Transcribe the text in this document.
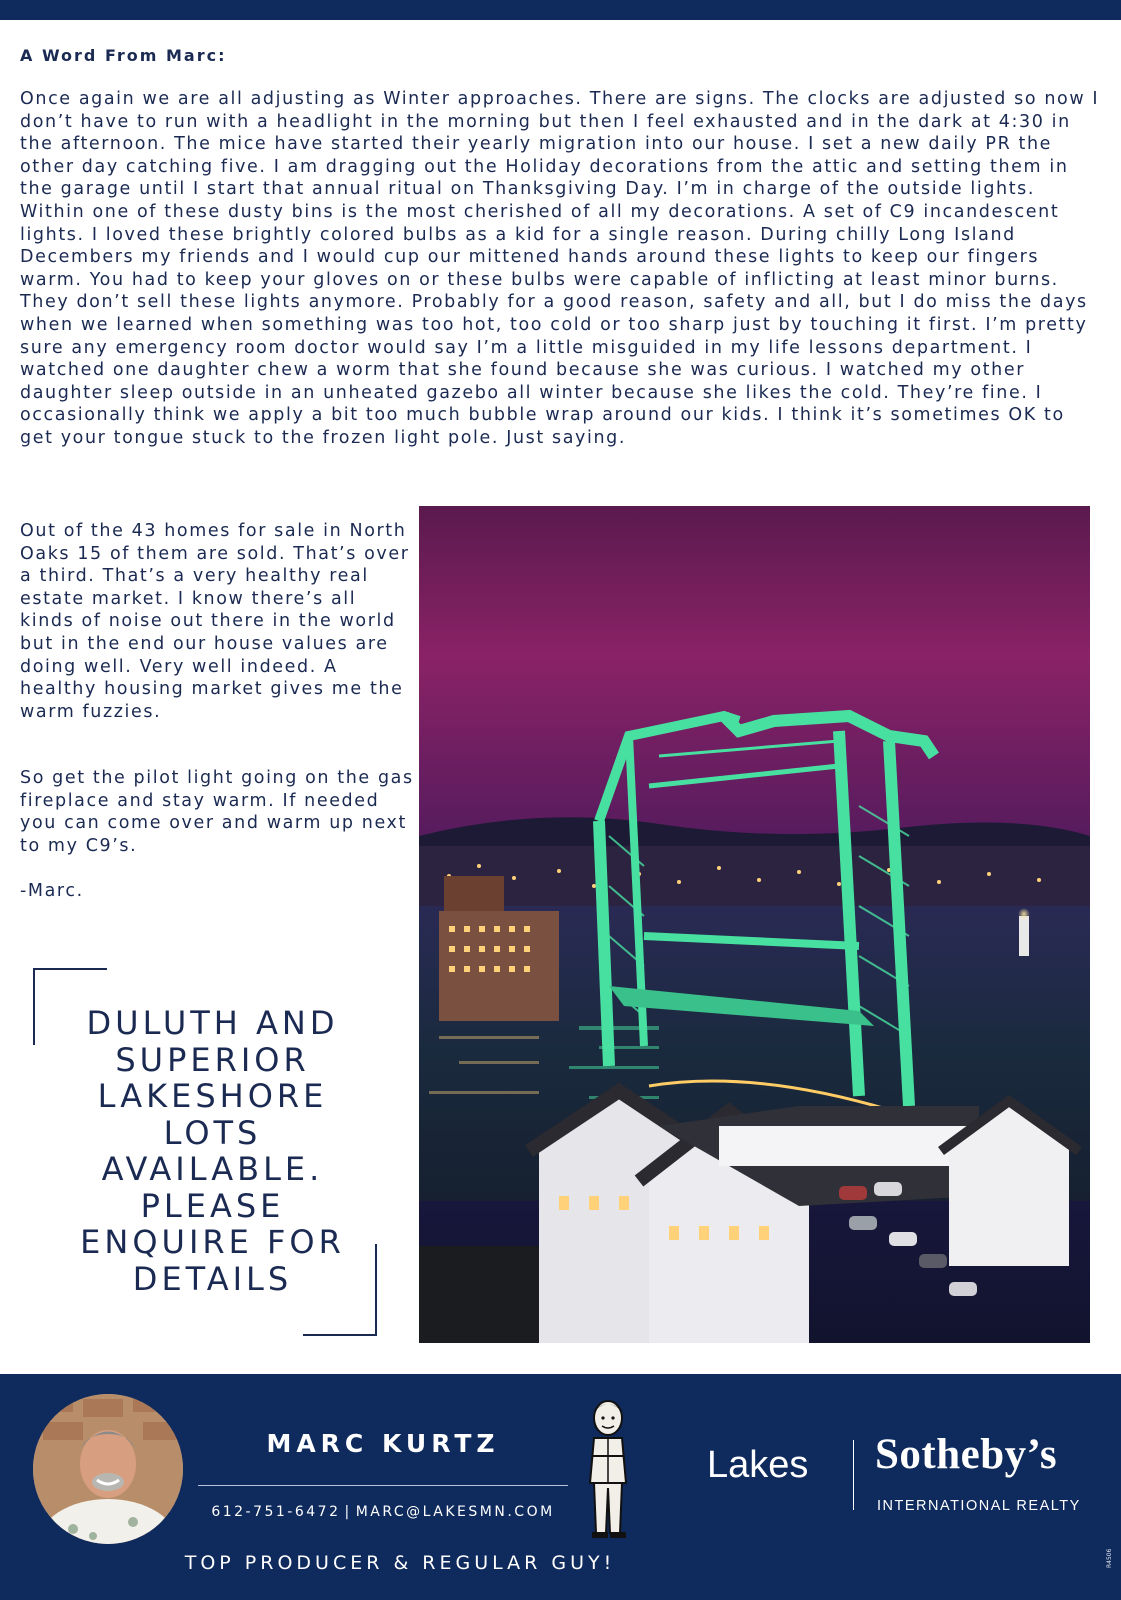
A Word From Marc:

Once again we are all adjusting as Winter approaches. There are signs. The clocks are adjusted so now I don’t have to run with a headlight in the morning but then I feel exhausted and in the dark at 4:30 in the afternoon. The mice have started their yearly migration into our house. I set a new daily PR the other day catching five. I am dragging out the Holiday decorations from the attic and setting them in the garage until I start that annual ritual on Thanksgiving Day. I’m in charge of the outside lights. Within one of these dusty bins is the most cherished of all my decorations. A set of C9 incandescent lights. I loved these brightly colored bulbs as a kid for a single reason. During chilly Long Island Decembers my friends and I would cup our mittened hands around these lights to keep our fingers warm. You had to keep your gloves on or these bulbs were capable of inflicting at least minor burns. They don’t sell these lights anymore. Probably for a good reason, safety and all, but I do miss the days when we learned when something was too hot, too cold or too sharp just by touching it first. I’m pretty sure any emergency room doctor would say I’m a little misguided in my life lessons department. I watched one daughter chew a worm that she found because she was curious. I watched my other daughter sleep outside in an unheated gazebo all winter because she likes the cold. They’re fine. I occasionally think we apply a bit too much bubble wrap around our kids. I think it’s sometimes OK to get your tongue stuck to the frozen light pole. Just saying.

Out of the 43 homes for sale in North Oaks 15 of them are sold. That’s over a third. That’s a very healthy real estate market. I know there’s all kinds of noise out there in the world but in the end our house values are doing well. Very well indeed. A healthy housing market gives me the warm fuzzies.

So get the pilot light going on the gas fireplace and stay warm. If needed you can come over and warm up next to my C9’s.

-Marc.

DULUTH AND SUPERIOR LAKESHORE LOTS AVAILABLE. PLEASE ENQUIRE FOR DETAILS

MARC KURTZ
612-751-6472 | MARC@LAKESMN.COM
TOP PRODUCER & REGULAR GUY!
Lakes Sotheby’s
INTERNATIONAL REALTY
R4506
